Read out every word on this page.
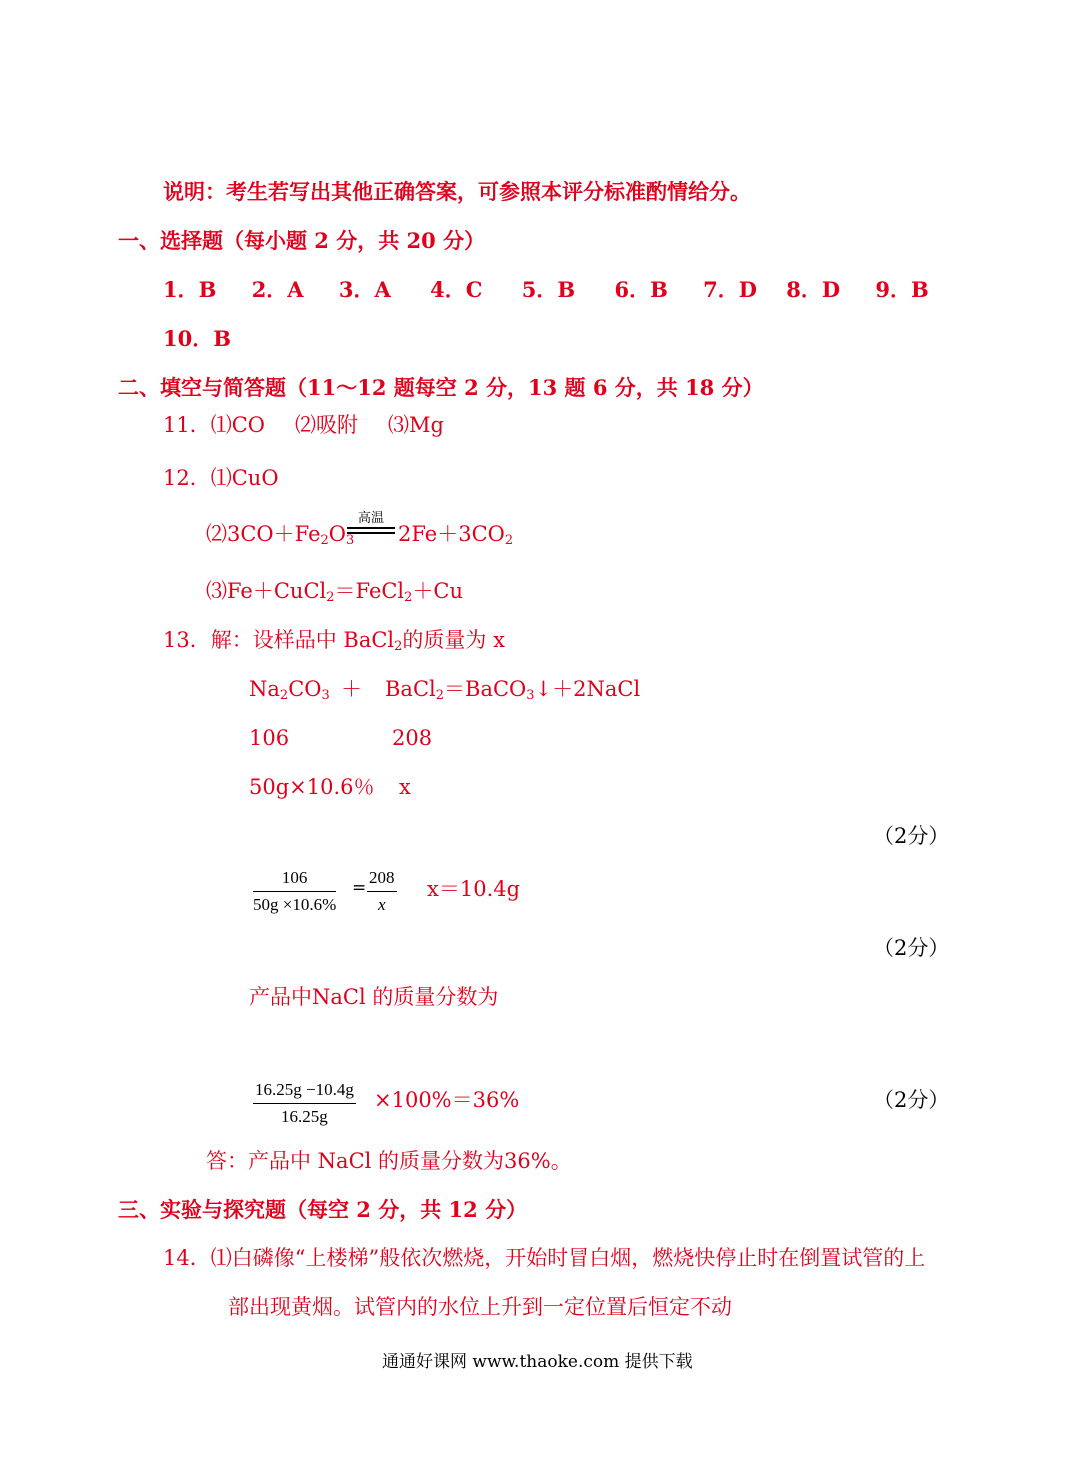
说明：考生若写出其他正确答案，可参照本评分标准酌情给分。
一、选择题（每小题 2 分，共 20 分）
1．B 2．A 3．A 4．C 5．B 6．B 7．D 8．D 9．B
10．B
二、填空与简答题（11～12 题每空 2 分，13 题 6 分，共 18 分）
11．⑴CO ⑵吸附 ⑶Mg
12．⑴CuO
$⑵3CO+Fe_2O_3$
高温
$2Fe+3CO_2$
⑶Fe＋CuCl$_2$＝FeCl$_2$＋Cu
13．解：设样品中 BaCl$_2$的质量为 x
$Na_2CO_3$ ＋ BaCl$_2$＝BaCO$_3$↓＋2NaCl
106	208
50g×10.6％ x
（2分）
106
50g ×10.6%
=
208
x
x＝10.4g
（2分）
产品中NaCl 的质量分数为
16.25g −10.4g
16.25g
×100%＝36%	（2分）
答：产品中 NaCl 的质量分数为36%。
三、实验与探究题（每空 2 分，共 12 分）
14．⑴白磷像“上楼梯”般依次燃烧，开始时冒白烟，燃烧快停止时在倒置试管的上
部出现黄烟。试管内的水位上升到一定位置后恒定不动
通通好课网 www.thaoke.com 提供下载
